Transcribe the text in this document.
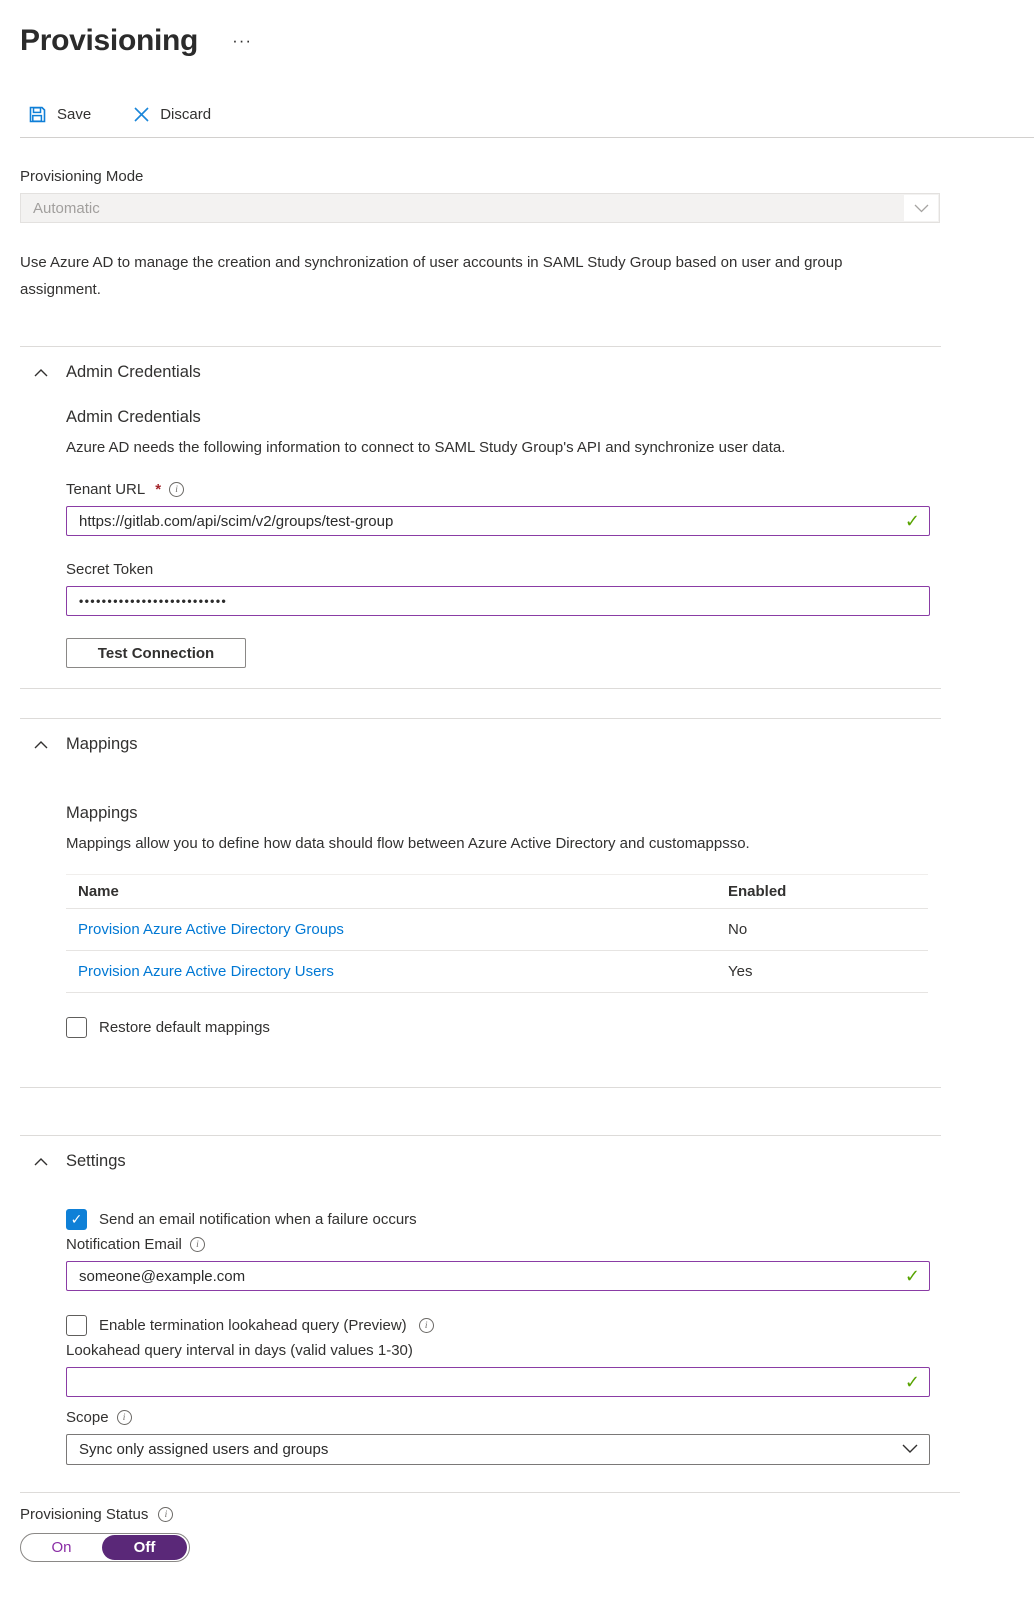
Provisioning ···
Save	Discard
Provisioning Mode
Automatic
Use Azure AD to manage the creation and synchronization of user accounts in SAML Study Group based on user and group assignment.
Admin Credentials
Admin Credentials
Azure AD needs the following information to connect to SAML Study Group's API and synchronize user data.
Tenant URL *	i
https://gitlab.com/api/scim/v2/groups/test-group	✓
Secret Token
••••••••••••••••••••••••••
Test Connection
Mappings
Mappings
Mappings allow you to define how data should flow between Azure Active Directory and customappsso.
Name	Enabled
Provision Azure Active Directory Groups	No
Provision Azure Active Directory Users	Yes
Restore default mappings
Settings
✓	Send an email notification when a failure occurs
Notification Email	i
someone@example.com	✓
Enable termination lookahead query (Preview)	i
Lookahead query interval in days (valid values 1-30)
✓
Scope	i
Sync only assigned users and groups
Provisioning Status	i
On	Off
